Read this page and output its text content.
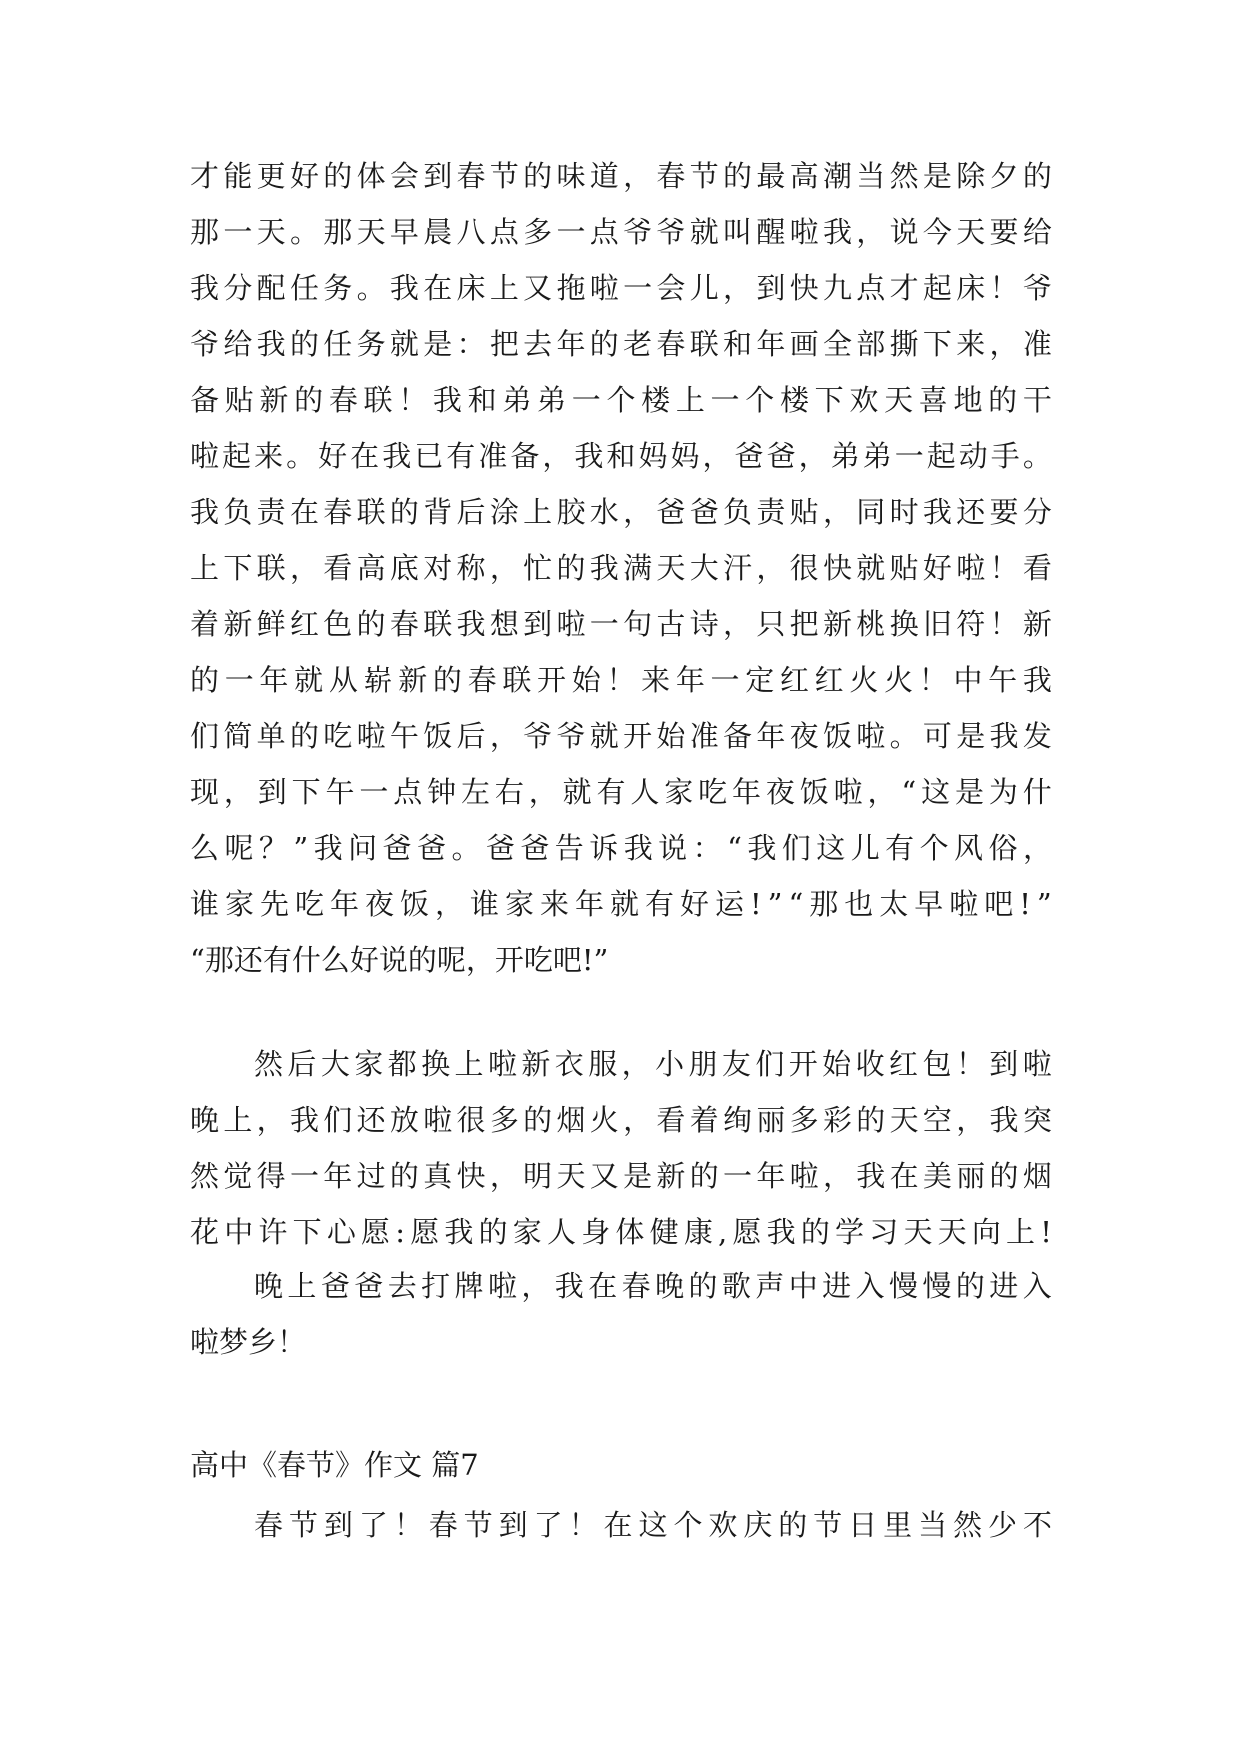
才 能 更 好 的 体 会 到 春 节 的 味 道 ， 春 节 的 最 高 潮 当 然 是 除 夕 的
那 一 天 。 那 天 早 晨 八 点 多 一 点 爷 爷 就 叫 醒 啦 我 ， 说 今 天 要 给
我 分 配 任 务 。 我 在 床 上 又 拖 啦 一 会 儿 ， 到 快 九 点 才 起 床 ！ 爷
爷 给 我 的 任 务 就 是 ： 把 去 年 的 老 春 联 和 年 画 全 部 撕 下 来 ， 准
备 贴 新 的 春 联 ！ 我 和 弟 弟 一 个 楼 上 一 个 楼 下 欢 天 喜 地 的 干
啦 起 来 。 好 在 我 已 有 准 备 ， 我 和 妈 妈 ， 爸 爸 ， 弟 弟 一 起 动 手 。
我 负 责 在 春 联 的 背 后 涂 上 胶 水 ， 爸 爸 负 责 贴 ， 同 时 我 还 要 分
上 下 联 ， 看 高 底 对 称 ， 忙 的 我 满 天 大 汗 ， 很 快 就 贴 好 啦 ！ 看
着 新 鲜 红 色 的 春 联 我 想 到 啦 一 句 古 诗 ， 只 把 新 桃 换 旧 符 ！ 新
的 一 年 就 从 崭 新 的 春 联 开 始 ！ 来 年 一 定 红 红 火 火 ！ 中 午 我
们 简 单 的 吃 啦 午 饭 后 ， 爷 爷 就 开 始 准 备 年 夜 饭 啦 。 可 是 我 发
现 ， 到 下 午 一 点 钟 左 右 ， 就 有 人 家 吃 年 夜 饭 啦 ， “ 这 是 为 什
么 呢 ？ ” 我 问 爸 爸 。 爸 爸 告 诉 我 说 ： “ 我 们 这 儿 有 个 风 俗 ，
谁 家 先 吃 年 夜 饭 ， 谁 家 来 年 就 有 好 运 ! ” “ 那 也 太 早 啦 吧 ! ”
“那还有什么好说的呢，开吃吧!”
然 后 大 家 都 换 上 啦 新 衣 服 ， 小 朋 友 们 开 始 收 红 包 ！ 到 啦
晚 上 ， 我 们 还 放 啦 很 多 的 烟 火 ， 看 着 绚 丽 多 彩 的 天 空 ， 我 突
然 觉 得 一 年 过 的 真 快 ， 明 天 又 是 新 的 一 年 啦 ， 我 在 美 丽 的 烟
花 中 许 下 心 愿 : 愿 我 的 家 人 身 体 健 康 , 愿 我 的 学 习 天 天 向 上 !
晚 上 爸 爸 去 打 牌 啦 ， 我 在 春 晚 的 歌 声 中 进 入 慢 慢 的 进 入
啦梦乡！
高中《春节》作文 篇7
春 节 到 了 ！ 春 节 到 了 ！ 在 这 个 欢 庆 的 节 日 里 当 然 少 不
